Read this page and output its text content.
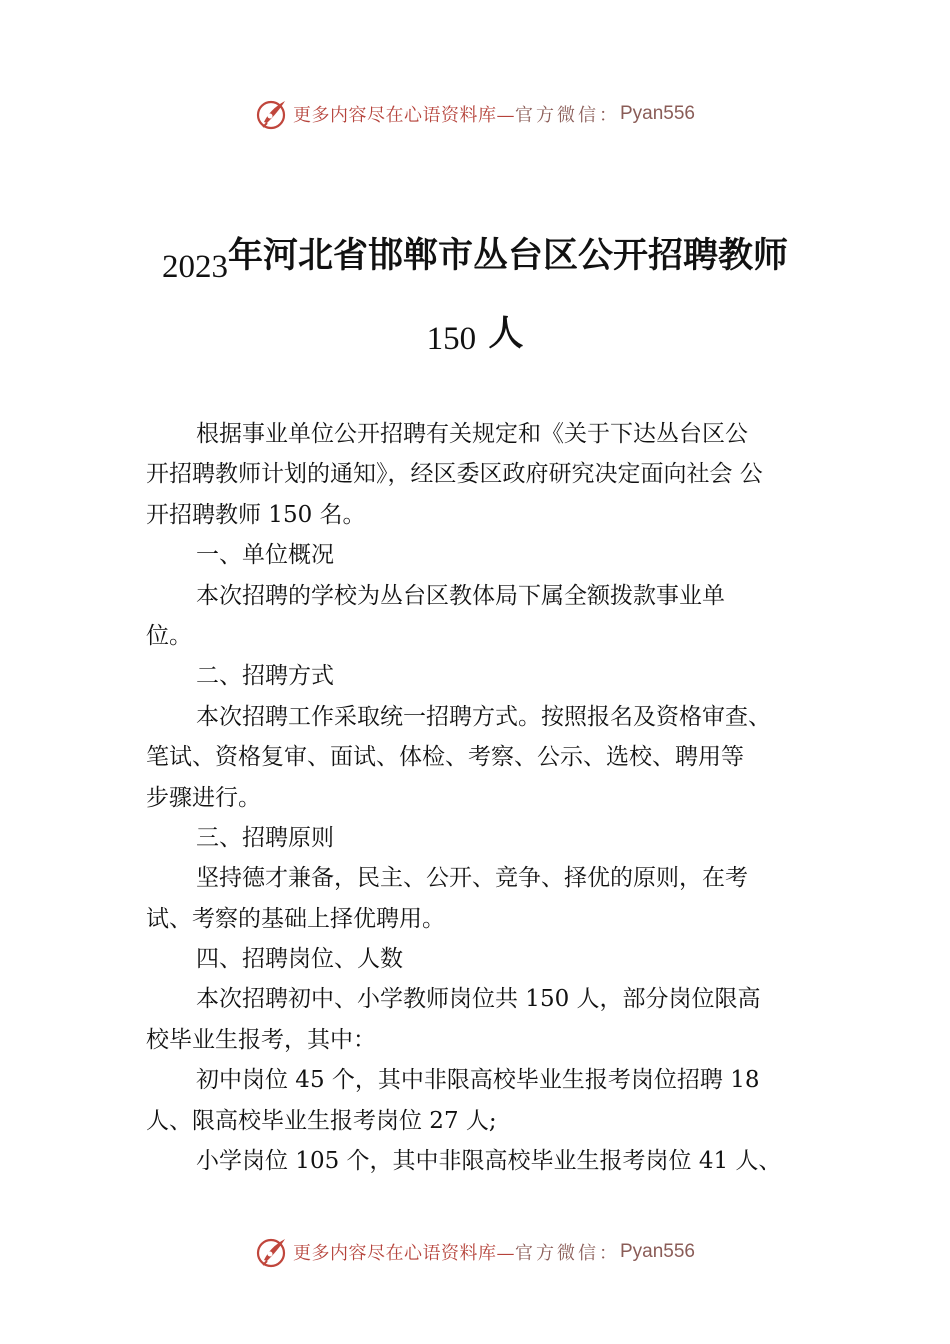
更多内容尽在心语资料库— 官方微信： Pyan556
2023年河北省邯郸市丛台区公开招聘教师
150 人
根据事业单位公开招聘有关规定和《关于下达丛台区公
开招聘教师计划的通知》，经区委区政府研究决定面向社会 公
开招聘教师 150 名。
一、单位概况
本次招聘的学校为丛台区教体局下属全额拨款事业单
位。
二、招聘方式
本次招聘工作采取统一招聘方式。按照报名及资格审查、
笔试、资格复审、面试、体检、考察、公示、选校、聘用等
步骤进行。
三、招聘原则
坚持德才兼备，民主、公开、竞争、择优的原则，在考
试、考察的基础上择优聘用。
四、招聘岗位、人数
本次招聘初中、小学教师岗位共 150 人，部分岗位限高
校毕业生报考，其中：
初中岗位 45 个，其中非限高校毕业生报考岗位招聘 18
人、限高校毕业生报考岗位 27 人;
小学岗位 105 个，其中非限高校毕业生报考岗位 41 人、
更多内容尽在心语资料库— 官方微信： Pyan556
